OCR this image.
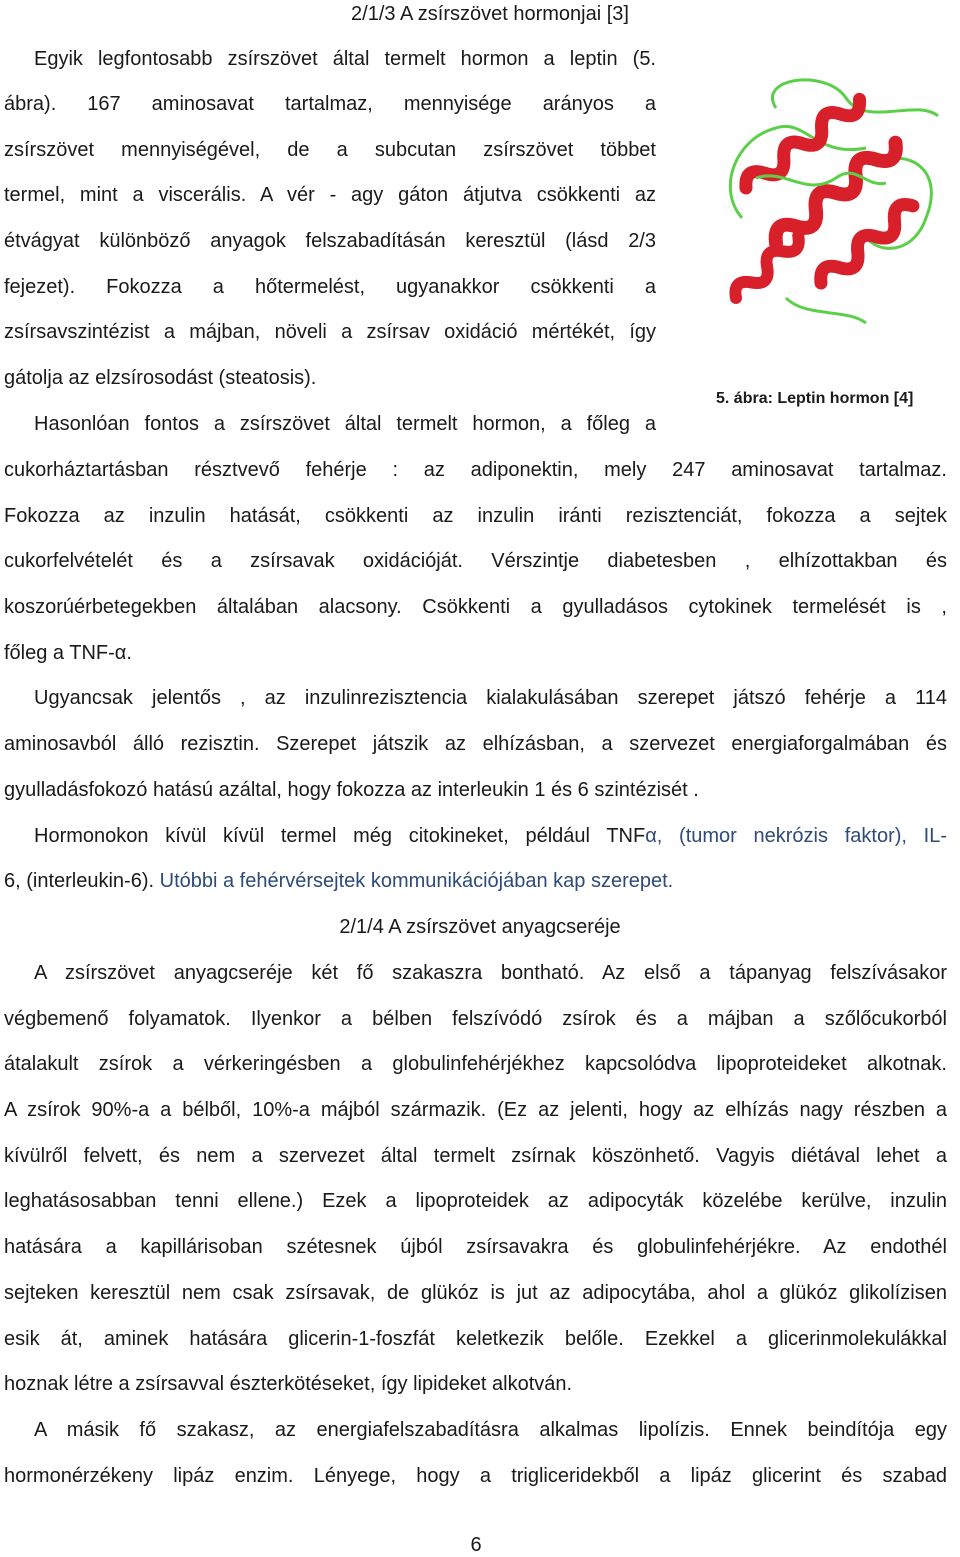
2/1/3 A zsírszövet hormonjai [3]
Egyik legfontosabb zsírszövet által termelt hormon a leptin (5.
ábra). 167 aminosavat tartalmaz, mennyisége arányos a
zsírszövet mennyiségével, de a subcutan zsírszövet többet
termel, mint a viscerális. A vér - agy gáton átjutva csökkenti az
étvágyat különböző anyagok felszabadításán keresztül (lásd 2/3
fejezet). Fokozza a hőtermelést, ugyanakkor csökkenti a
zsírsavszintézist a májban, növeli a zsírsav oxidáció mértékét, így
gátolja az elzsírosodást (steatosis).
Hasonlóan fontos a zsírszövet által termelt hormon, a főleg a
cukorháztartásban résztvevő fehérje : az adiponektin, mely 247 aminosavat tartalmaz.
Fokozza az inzulin hatását, csökkenti az inzulin iránti rezisztenciát, fokozza a sejtek
cukorfelvételét és a zsírsavak oxidációját. Vérszintje diabetesben , elhízottakban és
koszorúérbetegekben általában alacsony. Csökkenti a gyulladásos cytokinek termelését is ,
főleg a TNF-α.
Ugyancsak jelentős , az inzulinrezisztencia kialakulásában szerepet játszó fehérje a 114
aminosavból álló rezisztin. Szerepet játszik az elhízásban, a szervezet energiaforgalmában és
gyulladásfokozó hatású azáltal, hogy fokozza az interleukin 1 és 6 szintézisét .
Hormonokon kívül kívül termel még citokineket, például TNFα, (tumor nekrózis faktor), IL-
6, (interleukin-6). Utóbbi a fehérvérsejtek kommunikációjában kap szerepet.
2/1/4 A zsírszövet anyagcseréje
A zsírszövet anyagcseréje két fő szakaszra bontható. Az első a tápanyag felszívásakor
végbemenő folyamatok. Ilyenkor a bélben felszívódó zsírok és a májban a szőlőcukorból
átalakult zsírok a vérkeringésben a globulinfehérjékhez kapcsolódva lipoproteideket alkotnak.
A zsírok 90%-a a bélből, 10%-a májból származik. (Ez az jelenti, hogy az elhízás nagy részben a
kívülről felvett, és nem a szervezet által termelt zsírnak köszönhető. Vagyis diétával lehet a
leghatásosabban tenni ellene.) Ezek a lipoproteidek az adipocyták közelébe kerülve, inzulin
hatására a kapillárisoban szétesnek újból zsírsavakra és globulinfehérjékre. Az endothél
sejteken keresztül nem csak zsírsavak, de glükóz is jut az adipocytába, ahol a glükóz glikolízisen
esik át, aminek hatására glicerin-1-foszfát keletkezik belőle. Ezekkel a glicerinmolekulákkal
hoznak létre a zsírsavval észterkötéseket, így lipideket alkotván.
A másik fő szakasz, az energiafelszabadításra alkalmas lipolízis. Ennek beindítója egy
hormonérzékeny lipáz enzim. Lényege, hogy a trigliceridekből a lipáz glicerint és szabad
5. ábra: Leptin hormon [4]
6
